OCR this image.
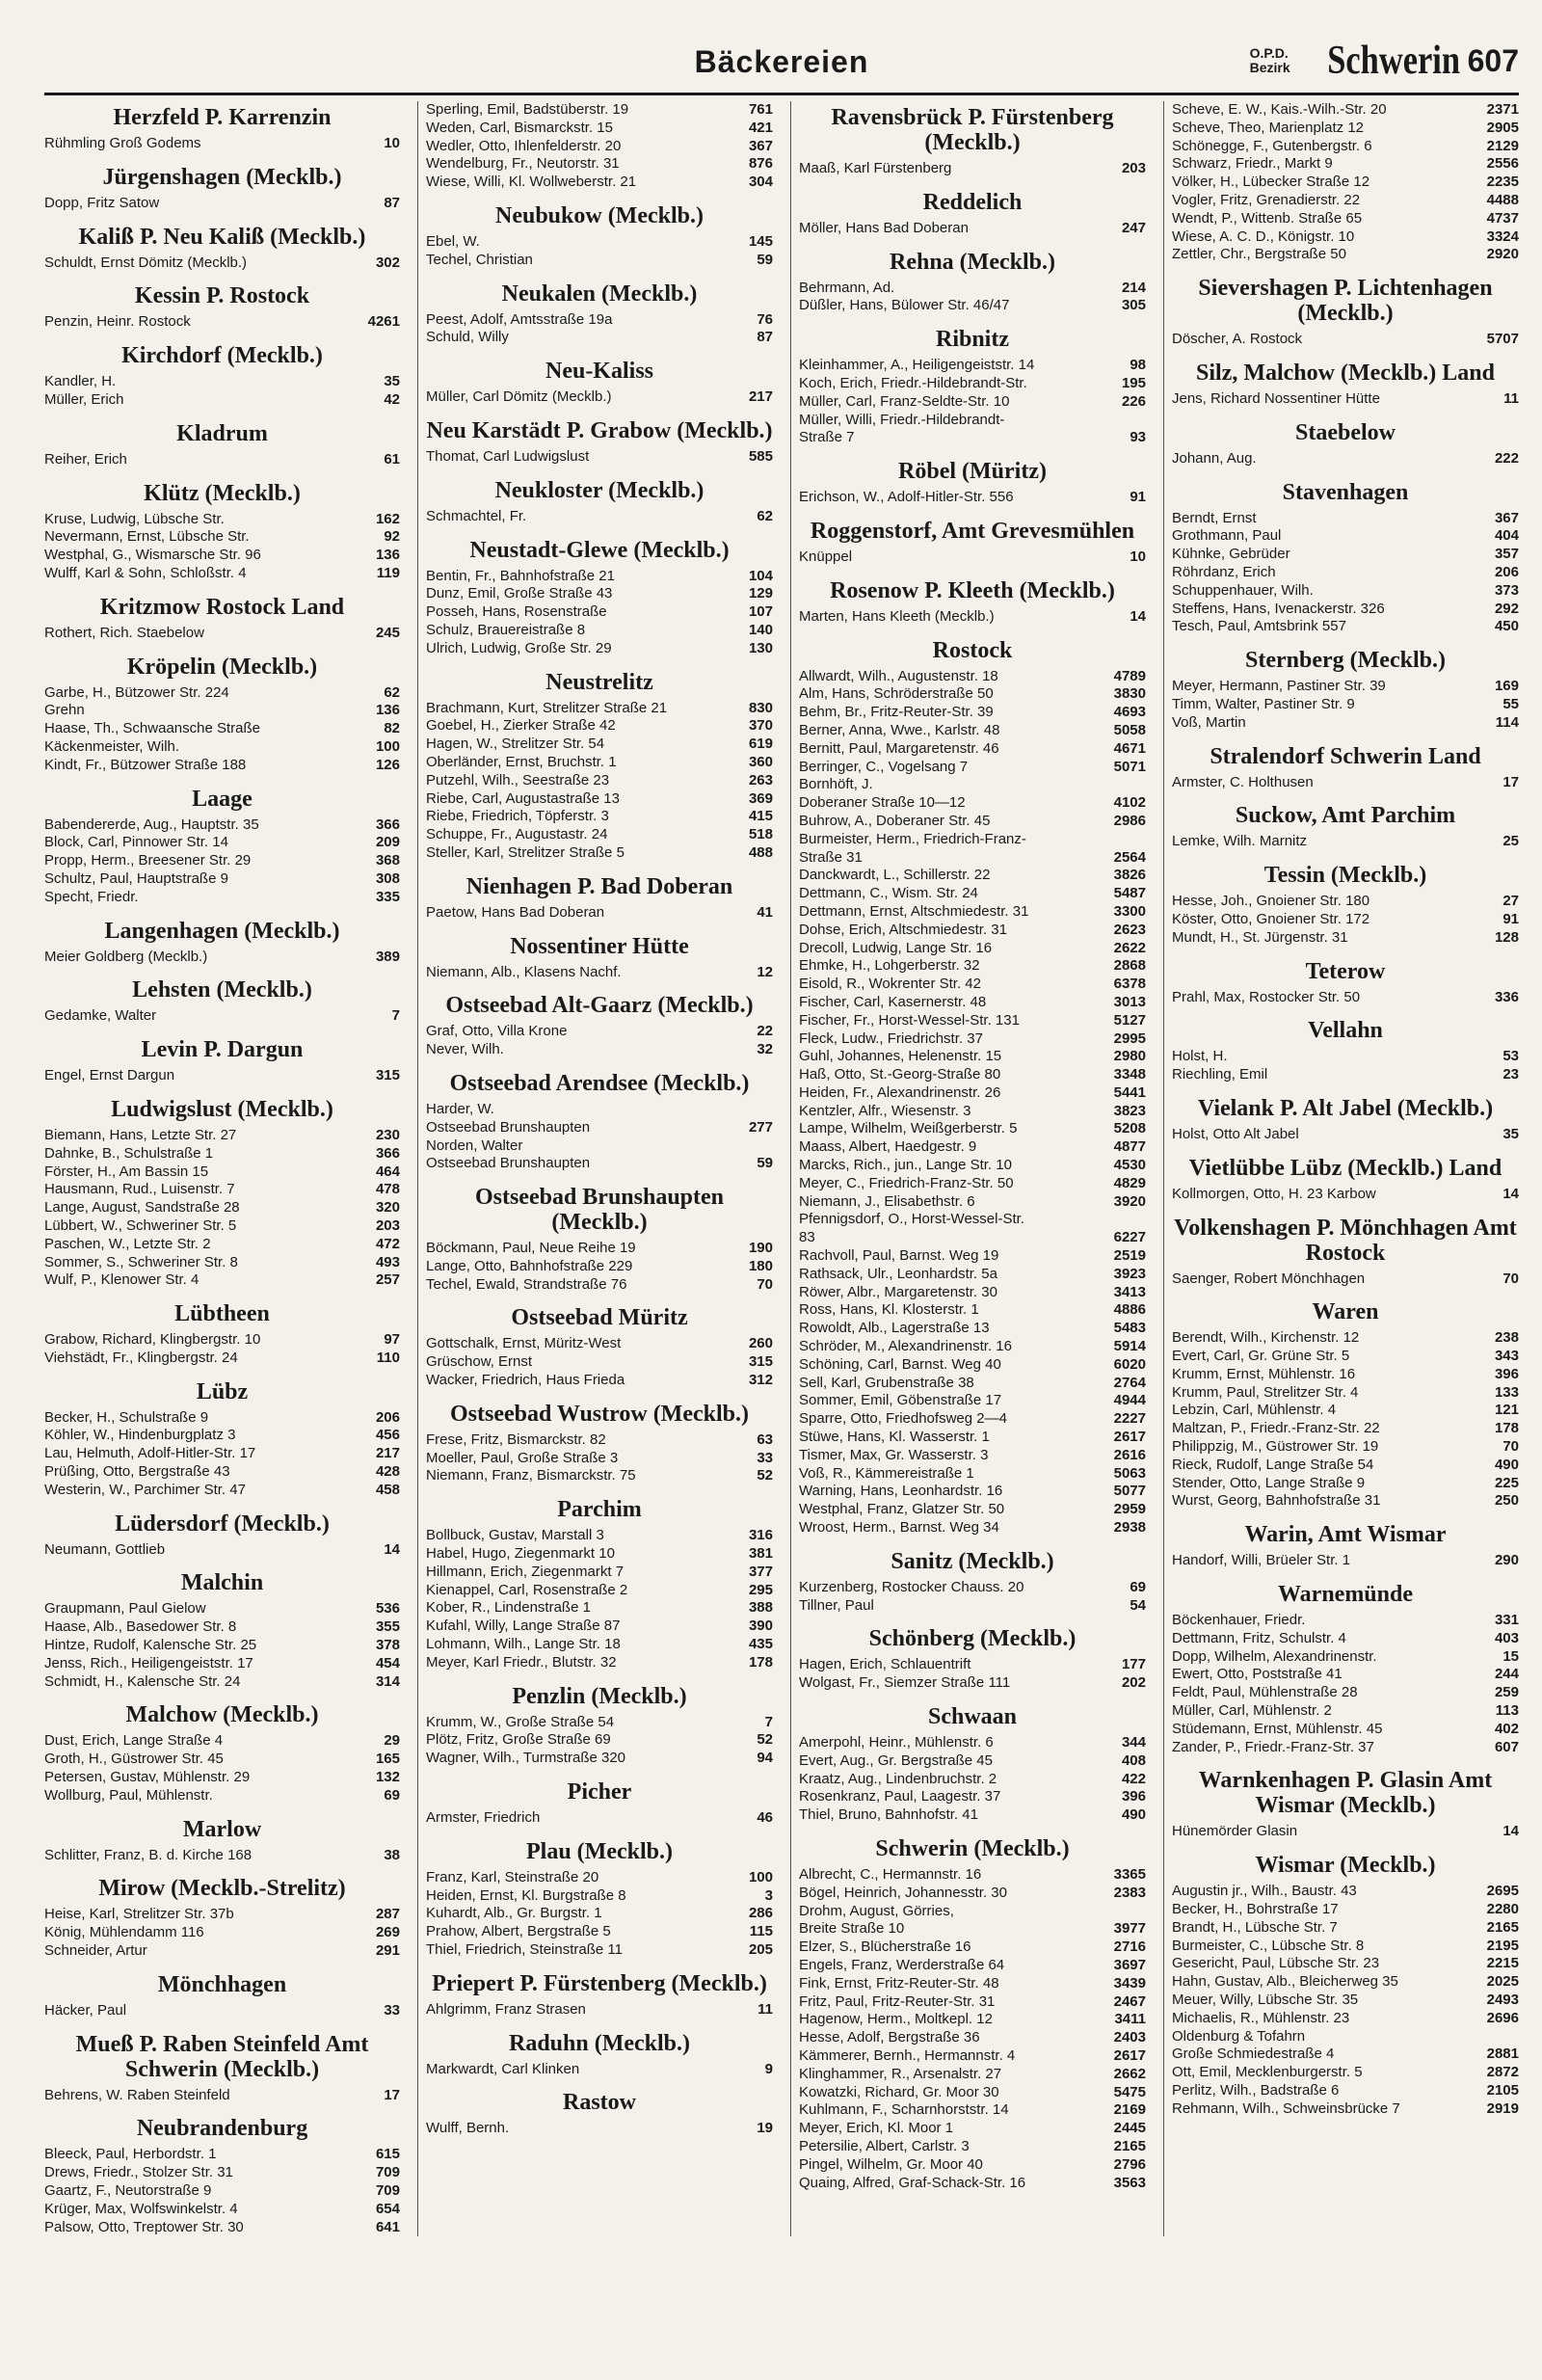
Bäckereien	O.P.D.
Bezirk Schwerin 607
Herzfeld P. Karrenzin
Rühmling Groß Godems	10
Jürgenshagen (Mecklb.)
Dopp, Fritz Satow	87
Kaliß P. Neu Kaliß (Mecklb.)
Schuldt, Ernst Dömitz (Mecklb.)	302
Kessin P. Rostock
Penzin, Heinr. Rostock	4261
Kirchdorf (Mecklb.)
Kandler, H.	35
Müller, Erich	42
Kladrum
Reiher, Erich	61
Klütz (Mecklb.)
Kruse, Ludwig, Lübsche Str.	162
Nevermann, Ernst, Lübsche Str.	92
Westphal, G., Wismarsche Str. 96	136
Wulff, Karl & Sohn, Schloßstr. 4	119
Kritzmow Rostock Land
Rothert, Rich. Staebelow	245
Kröpelin (Mecklb.)
Garbe, H., Bützower Str. 224	62
Grehn	136
Haase, Th., Schwaansche Straße	82
Käckenmeister, Wilh.	100
Kindt, Fr., Bützower Straße 188	126
Laage
Babendererde, Aug., Hauptstr. 35	366
Block, Carl, Pinnower Str. 14	209
Propp, Herm., Breesener Str. 29	368
Schultz, Paul, Hauptstraße 9	308
Specht, Friedr.	335
Langenhagen (Mecklb.)
Meier Goldberg (Mecklb.)	389
Lehsten (Mecklb.)
Gedamke, Walter	7
Levin P. Dargun
Engel, Ernst Dargun	315
Ludwigslust (Mecklb.)
Biemann, Hans, Letzte Str. 27	230
Dahnke, B., Schulstraße 1	366
Förster, H., Am Bassin 15	464
Hausmann, Rud., Luisenstr. 7	478
Lange, August, Sandstraße 28	320
Lübbert, W., Schweriner Str. 5	203
Paschen, W., Letzte Str. 2	472
Sommer, S., Schweriner Str. 8	493
Wulf, P., Klenower Str. 4	257
Lübtheen
Grabow, Richard, Klingbergstr. 10	97
Viehstädt, Fr., Klingbergstr. 24	110
Lübz
Becker, H., Schulstraße 9	206
Köhler, W., Hindenburgplatz 3	456
Lau, Helmuth, Adolf-Hitler-Str. 17	217
Prüßing, Otto, Bergstraße 43	428
Westerin, W., Parchimer Str. 47	458
Lüdersdorf (Mecklb.)
Neumann, Gottlieb	14
Malchin
Graupmann, Paul Gielow	536
Haase, Alb., Basedower Str. 8	355
Hintze, Rudolf, Kalensche Str. 25	378
Jenss, Rich., Heiligengeiststr. 17	454
Schmidt, H., Kalensche Str. 24	314
Malchow (Mecklb.)
Dust, Erich, Lange Straße 4	29
Groth, H., Güstrower Str. 45	165
Petersen, Gustav, Mühlenstr. 29	132
Wollburg, Paul, Mühlenstr.	69
Marlow
Schlitter, Franz, B. d. Kirche 168	38
Mirow (Mecklb.-Strelitz)
Heise, Karl, Strelitzer Str. 37b	287
König, Mühlendamm 116	269
Schneider, Artur	291
Mönchhagen
Häcker, Paul	33
Mueß P. Raben Steinfeld Amt Schwerin (Mecklb.)
Behrens, W. Raben Steinfeld	17
Neubrandenburg
Bleeck, Paul, Herbordstr. 1	615
Drews, Friedr., Stolzer Str. 31	709
Gaartz, F., Neutorstraße 9	709
Krüger, Max, Wolfswinkelstr. 4	654
Palsow, Otto, Treptower Str. 30	641
Sperling, Emil, Badstüberstr. 19	761
Weden, Carl, Bismarckstr. 15	421
Wedler, Otto, Ihlenfelderstr. 20	367
Wendelburg, Fr., Neutorstr. 31	876
Wiese, Willi, Kl. Wollweberstr. 21	304
Neubukow (Mecklb.)
Ebel, W.	145
Techel, Christian	59
Neukalen (Mecklb.)
Peest, Adolf, Amtsstraße 19a	76
Schuld, Willy	87
Neu-Kaliss
Müller, Carl Dömitz (Mecklb.)	217
Neu Karstädt P. Grabow (Mecklb.)
Thomat, Carl Ludwigslust	585
Neukloster (Mecklb.)
Schmachtel, Fr.	62
Neustadt-Glewe (Mecklb.)
Bentin, Fr., Bahnhofstraße 21	104
Dunz, Emil, Große Straße 43	129
Posseh, Hans, Rosenstraße	107
Schulz, Brauereistraße 8	140
Ulrich, Ludwig, Große Str. 29	130
Neustrelitz
Brachmann, Kurt, Strelitzer Straße 21	830
Goebel, H., Zierker Straße 42	370
Hagen, W., Strelitzer Str. 54	619
Oberländer, Ernst, Bruchstr. 1	360
Putzehl, Wilh., Seestraße 23	263
Riebe, Carl, Augustastraße 13	369
Riebe, Friedrich, Töpferstr. 3	415
Schuppe, Fr., Augustastr. 24	518
Steller, Karl, Strelitzer Straße 5	488
Nienhagen P. Bad Doberan
Paetow, Hans Bad Doberan	41
Nossentiner Hütte
Niemann, Alb., Klasens Nachf.	12
Ostseebad Alt-Gaarz (Mecklb.)
Graf, Otto, Villa Krone	22
Never, Wilh.	32
Ostseebad Arendsee (Mecklb.)
Harder, W.
Ostseebad Brunshaupten	277
Norden, Walter
Ostseebad Brunshaupten	59
Ostseebad Brunshaupten (Mecklb.)
Böckmann, Paul, Neue Reihe 19	190
Lange, Otto, Bahnhofstraße 229	180
Techel, Ewald, Strandstraße 76	70
Ostseebad Müritz
Gottschalk, Ernst, Müritz-West	260
Grüschow, Ernst	315
Wacker, Friedrich, Haus Frieda	312
Ostseebad Wustrow (Mecklb.)
Frese, Fritz, Bismarckstr. 82	63
Moeller, Paul, Große Straße 3	33
Niemann, Franz, Bismarckstr. 75	52
Parchim
Bollbuck, Gustav, Marstall 3	316
Habel, Hugo, Ziegenmarkt 10	381
Hillmann, Erich, Ziegenmarkt 7	377
Kienappel, Carl, Rosenstraße 2	295
Kober, R., Lindenstraße 1	388
Kufahl, Willy, Lange Straße 87	390
Lohmann, Wilh., Lange Str. 18	435
Meyer, Karl Friedr., Blutstr. 32	178
Penzlin (Mecklb.)
Krumm, W., Große Straße 54	7
Plötz, Fritz, Große Straße 69	52
Wagner, Wilh., Turmstraße 320	94
Picher
Armster, Friedrich	46
Plau (Mecklb.)
Franz, Karl, Steinstraße 20	100
Heiden, Ernst, Kl. Burgstraße 8	3
Kuhardt, Alb., Gr. Burgstr. 1	286
Prahow, Albert, Bergstraße 5	115
Thiel, Friedrich, Steinstraße 11	205
Priepert P. Fürstenberg (Mecklb.)
Ahlgrimm, Franz Strasen	11
Raduhn (Mecklb.)
Markwardt, Carl Klinken	9
Rastow
Wulff, Bernh.	19
Ravensbrück P. Fürstenberg (Mecklb.)
Maaß, Karl Fürstenberg	203
Reddelich
Möller, Hans Bad Doberan	247
Rehna (Mecklb.)
Behrmann, Ad.	214
Düßler, Hans, Bülower Str. 46/47	305
Ribnitz
Kleinhammer, A., Heiligengeiststr. 14	98
Koch, Erich, Friedr.-Hildebrandt-Str.	195
Müller, Carl, Franz-Seldte-Str. 10	226
Müller, Willi, Friedr.-Hildebrandt-
Straße 7	93
Röbel (Müritz)
Erichson, W., Adolf-Hitler-Str. 556	91
Roggenstorf, Amt Grevesmühlen
Knüppel	10
Rosenow P. Kleeth (Mecklb.)
Marten, Hans Kleeth (Mecklb.)	14
Rostock
Allwardt, Wilh., Augustenstr. 18	4789
Alm, Hans, Schröderstraße 50	3830
Behm, Br., Fritz-Reuter-Str. 39	4693
Berner, Anna, Wwe., Karlstr. 48	5058
Bernitt, Paul, Margaretenstr. 46	4671
Berringer, C., Vogelsang 7	5071
Bornhöft, J.
Doberaner Straße 10—12	4102
Buhrow, A., Doberaner Str. 45	2986
Burmeister, Herm., Friedrich-Franz-
Straße 31	2564
Danckwardt, L., Schillerstr. 22	3826
Dettmann, C., Wism. Str. 24	5487
Dettmann, Ernst, Altschmiedestr. 31	3300
Dohse, Erich, Altschmiedestr. 31	2623
Drecoll, Ludwig, Lange Str. 16	2622
Ehmke, H., Lohgerberstr. 32	2868
Eisold, R., Wokrenter Str. 42	6378
Fischer, Carl, Kasernerstr. 48	3013
Fischer, Fr., Horst-Wessel-Str. 131	5127
Fleck, Ludw., Friedrichstr. 37	2995
Guhl, Johannes, Helenenstr. 15	2980
Haß, Otto, St.-Georg-Straße 80	3348
Heiden, Fr., Alexandrinenstr. 26	5441
Kentzler, Alfr., Wiesenstr. 3	3823
Lampe, Wilhelm, Weißgerberstr. 5	5208
Maass, Albert, Haedgestr. 9	4877
Marcks, Rich., jun., Lange Str. 10	4530
Meyer, C., Friedrich-Franz-Str. 50	4829
Niemann, J., Elisabethstr. 6	3920
Pfennigsdorf, O., Horst-Wessel-Str.
83	6227
Rachvoll, Paul, Barnst. Weg 19	2519
Rathsack, Ulr., Leonhardstr. 5a	3923
Röwer, Albr., Margaretenstr. 30	3413
Ross, Hans, Kl. Klosterstr. 1	4886
Rowoldt, Alb., Lagerstraße 13	5483
Schröder, M., Alexandrinenstr. 16	5914
Schöning, Carl, Barnst. Weg 40	6020
Sell, Karl, Grubenstraße 38	2764
Sommer, Emil, Göbenstraße 17	4944
Sparre, Otto, Friedhofsweg 2—4	2227
Stüwe, Hans, Kl. Wasserstr. 1	2617
Tismer, Max, Gr. Wasserstr. 3	2616
Voß, R., Kämmereistraße 1	5063
Warning, Hans, Leonhardstr. 16	5077
Westphal, Franz, Glatzer Str. 50	2959
Wroost, Herm., Barnst. Weg 34	2938
Sanitz (Mecklb.)
Kurzenberg, Rostocker Chauss. 20	69
Tillner, Paul	54
Schönberg (Mecklb.)
Hagen, Erich, Schlauentrift	177
Wolgast, Fr., Siemzer Straße 111	202
Schwaan
Amerpohl, Heinr., Mühlenstr. 6	344
Evert, Aug., Gr. Bergstraße 45	408
Kraatz, Aug., Lindenbruchstr. 2	422
Rosenkranz, Paul, Laagestr. 37	396
Thiel, Bruno, Bahnhofstr. 41	490
Schwerin (Mecklb.)
Albrecht, C., Hermannstr. 16	3365
Bögel, Heinrich, Johannesstr. 30	2383
Drohm, August, Görries,
Breite Straße 10	3977
Elzer, S., Blücherstraße 16	2716
Engels, Franz, Werderstraße 64	3697
Fink, Ernst, Fritz-Reuter-Str. 48	3439
Fritz, Paul, Fritz-Reuter-Str. 31	2467
Hagenow, Herm., Moltkepl. 12	3411
Hesse, Adolf, Bergstraße 36	2403
Kämmerer, Bernh., Hermannstr. 4	2617
Klinghammer, R., Arsenalstr. 27	2662
Kowatzki, Richard, Gr. Moor 30	5475
Kuhlmann, F., Scharnhorststr. 14	2169
Meyer, Erich, Kl. Moor 1	2445
Petersilie, Albert, Carlstr. 3	2165
Pingel, Wilhelm, Gr. Moor 40	2796
Quaing, Alfred, Graf-Schack-Str. 16	3563
Scheve, E. W., Kais.-Wilh.-Str. 20	2371
Scheve, Theo, Marienplatz 12	2905
Schönegge, F., Gutenbergstr. 6	2129
Schwarz, Friedr., Markt 9	2556
Völker, H., Lübecker Straße 12	2235
Vogler, Fritz, Grenadierstr. 22	4488
Wendt, P., Wittenb. Straße 65	4737
Wiese, A. C. D., Königstr. 10	3324
Zettler, Chr., Bergstraße 50	2920
Sievershagen P. Lichtenhagen (Mecklb.)
Döscher, A. Rostock	5707
Silz, Malchow (Mecklb.) Land
Jens, Richard Nossentiner Hütte	11
Staebelow
Johann, Aug.	222
Stavenhagen
Berndt, Ernst	367
Grothmann, Paul	404
Kühnke, Gebrüder	357
Röhrdanz, Erich	206
Schuppenhauer, Wilh.	373
Steffens, Hans, Ivenackerstr. 326	292
Tesch, Paul, Amtsbrink 557	450
Sternberg (Mecklb.)
Meyer, Hermann, Pastiner Str. 39	169
Timm, Walter, Pastiner Str. 9	55
Voß, Martin	114
Stralendorf Schwerin Land
Armster, C. Holthusen	17
Suckow, Amt Parchim
Lemke, Wilh. Marnitz	25
Tessin (Mecklb.)
Hesse, Joh., Gnoiener Str. 180	27
Köster, Otto, Gnoiener Str. 172	91
Mundt, H., St. Jürgenstr. 31	128
Teterow
Prahl, Max, Rostocker Str. 50	336
Vellahn
Holst, H.	53
Riechling, Emil	23
Vielank P. Alt Jabel (Mecklb.)
Holst, Otto Alt Jabel	35
Vietlübbe Lübz (Mecklb.) Land
Kollmorgen, Otto, H. 23 Karbow	14
Volkenshagen P. Mönchhagen Amt Rostock
Saenger, Robert Mönchhagen	70
Waren
Berendt, Wilh., Kirchenstr. 12	238
Evert, Carl, Gr. Grüne Str. 5	343
Krumm, Ernst, Mühlenstr. 16	396
Krumm, Paul, Strelitzer Str. 4	133
Lebzin, Carl, Mühlenstr. 4	121
Maltzan, P., Friedr.-Franz-Str. 22	178
Philippzig, M., Güstrower Str. 19	70
Rieck, Rudolf, Lange Straße 54	490
Stender, Otto, Lange Straße 9	225
Wurst, Georg, Bahnhofstraße 31	250
Warin, Amt Wismar
Handorf, Willi, Brüeler Str. 1	290
Warnemünde
Böckenhauer, Friedr.	331
Dettmann, Fritz, Schulstr. 4	403
Dopp, Wilhelm, Alexandrinenstr.	15
Ewert, Otto, Poststraße 41	244
Feldt, Paul, Mühlenstraße 28	259
Müller, Carl, Mühlenstr. 2	113
Stüdemann, Ernst, Mühlenstr. 45	402
Zander, P., Friedr.-Franz-Str. 37	607
Warnkenhagen P. Glasin Amt Wismar (Mecklb.)
Hünemörder Glasin	14
Wismar (Mecklb.)
Augustin jr., Wilh., Baustr. 43	2695
Becker, H., Bohrstraße 17	2280
Brandt, H., Lübsche Str. 7	2165
Burmeister, C., Lübsche Str. 8	2195
Gesericht, Paul, Lübsche Str. 23	2215
Hahn, Gustav, Alb., Bleicherweg 35	2025
Meuer, Willy, Lübsche Str. 35	2493
Michaelis, R., Mühlenstr. 23	2696
Oldenburg & Tofahrn
Große Schmiedestraße 4	2881
Ott, Emil, Mecklenburgerstr. 5	2872
Perlitz, Wilh., Badstraße 6	2105
Rehmann, Wilh., Schweinsbrücke 7	2919
